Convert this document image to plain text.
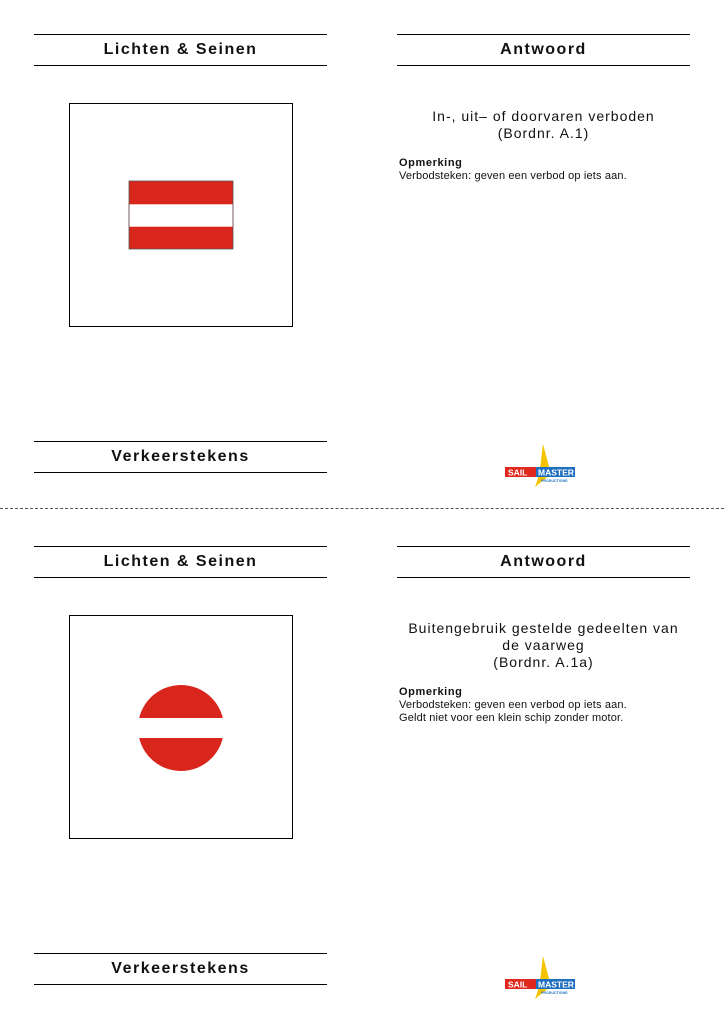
Lichten & Seinen	Antwoord
In-, uit– of doorvaren verboden
(Bordnr. A.1)
Opmerking
Verbodsteken: geven een verbod op iets aan.
Verkeerstekens
SAIL MASTER
PRODUCTIONS
Lichten & Seinen	Antwoord
Buitengebruik gestelde gedeelten van
de vaarweg
(Bordnr. A.1a)
Opmerking
Verbodsteken: geven een verbod op iets aan.
Geldt niet voor een klein schip zonder motor.
Verkeerstekens
SAIL MASTER
PRODUCTIONS
